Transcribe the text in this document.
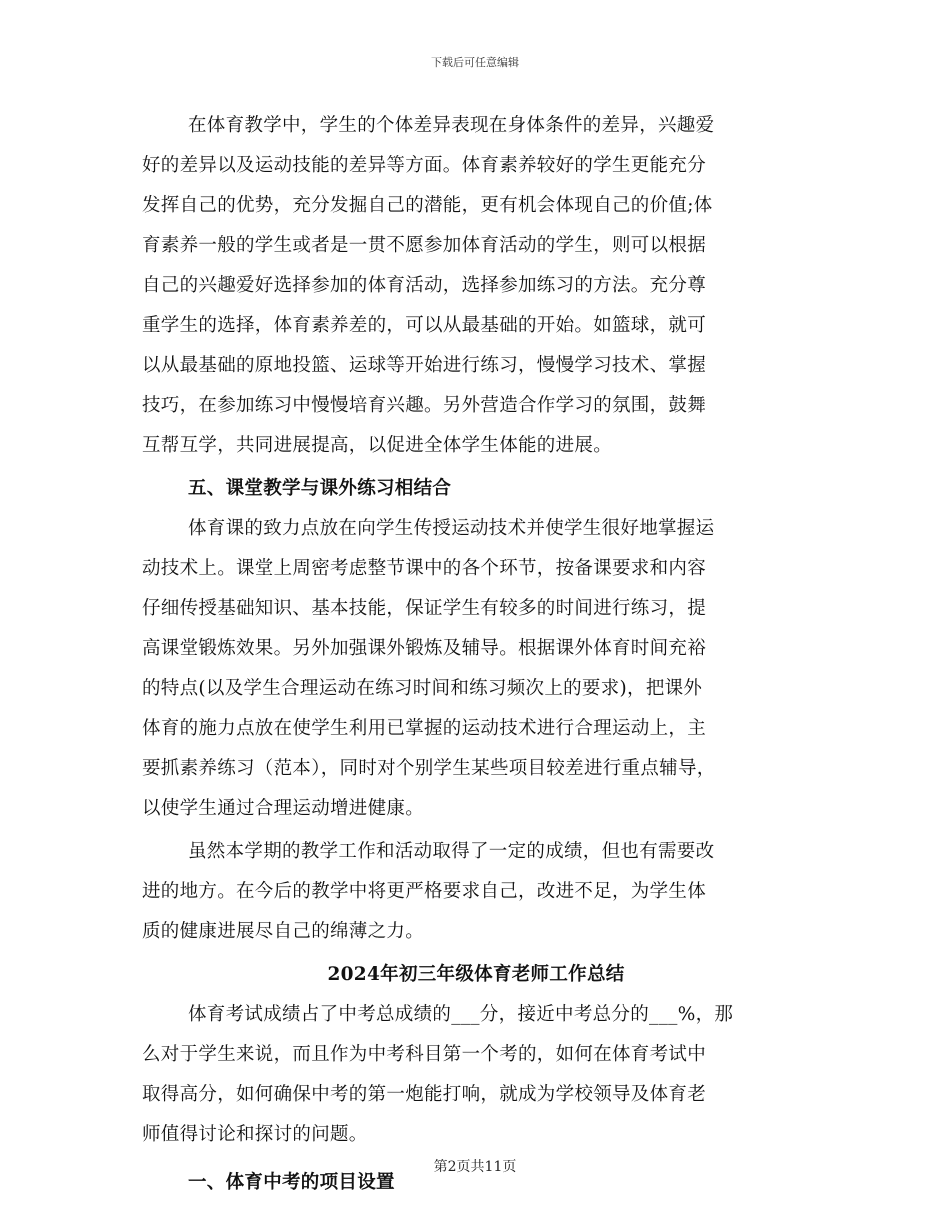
下载后可任意编辑
在体育教学中，学生的个体差异表现在身体条件的差异，兴趣爱
好的差异以及运动技能的差异等方面。体育素养较好的学生更能充分
发挥自己的优势，充分发掘自己的潜能，更有机会体现自己的价值;体
育素养一般的学生或者是一贯不愿参加体育活动的学生，则可以根据
自己的兴趣爱好选择参加的体育活动，选择参加练习的方法。充分尊
重学生的选择，体育素养差的，可以从最基础的开始。如篮球，就可
以从最基础的原地投篮、运球等开始进行练习，慢慢学习技术、掌握
技巧，在参加练习中慢慢培育兴趣。另外营造合作学习的氛围，鼓舞
互帮互学，共同进展提高，以促进全体学生体能的进展。
五、课堂教学与课外练习相结合
体育课的致力点放在向学生传授运动技术并使学生很好地掌握运
动技术上。课堂上周密考虑整节课中的各个环节，按备课要求和内容
仔细传授基础知识、基本技能，保证学生有较多的时间进行练习，提
高课堂锻炼效果。另外加强课外锻炼及辅导。根据课外体育时间充裕
的特点(以及学生合理运动在练习时间和练习频次上的要求)，把课外
体育的施力点放在使学生利用已掌握的运动技术进行合理运动上，主
要抓素养练习（范本），同时对个别学生某些项目较差进行重点辅导，
以使学生通过合理运动增进健康。
虽然本学期的教学工作和活动取得了一定的成绩，但也有需要改
进的地方。在今后的教学中将更严格要求自己，改进不足，为学生体
质的健康进展尽自己的绵薄之力。
2024年初三年级体育老师工作总结
体育考试成绩占了中考总成绩的___分，接近中考总分的___%，那
么对于学生来说，而且作为中考科目第一个考的，如何在体育考试中
取得高分，如何确保中考的第一炮能打响，就成为学校领导及体育老
师值得讨论和探讨的问题。
一、体育中考的项目设置
第2页共11页
